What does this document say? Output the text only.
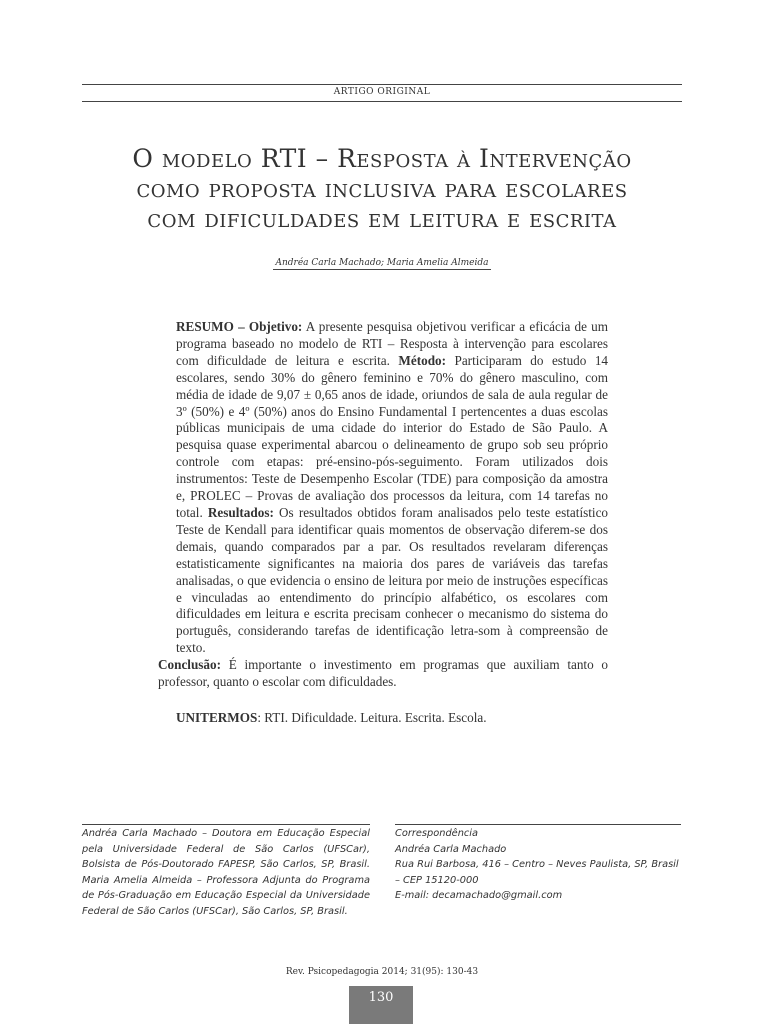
ARTIGO ORIGINAL
O modelo RTI – Resposta à Intervenção
como proposta inclusiva para escolares
com dificuldades em leitura e escrita
Andréa Carla Machado; Maria Amelia Almeida
RESUMO – Objetivo: A presente pesquisa objetivou verificar a eficácia de um programa baseado no modelo de RTI – Resposta à intervenção para escolares com dificuldade de leitura e escrita. Método: Participaram do estudo 14 escolares, sendo 30% do gênero feminino e 70% do gênero masculino, com média de idade de 9,07 ± 0,65 anos de idade, oriundos de sala de aula regular de 3º (50%) e 4º (50%) anos do Ensino Fundamental I pertencentes a duas escolas públicas municipais de uma cidade do interior do Estado de São Paulo. A pesquisa quase experimental abarcou o delineamento de grupo sob seu próprio controle com etapas: pré-ensino-pós-seguimento. Foram utilizados dois instrumentos: Teste de Desempenho Escolar (TDE) para composição da amostra e, PROLEC – Provas de avaliação dos processos da leitura, com 14 tarefas no total. Resultados: Os resultados obtidos foram analisados pelo teste estatístico Teste de Kendall para identificar quais momentos de observação diferem-se dos demais, quando comparados par a par. Os resultados revelaram diferenças estatisticamente significantes na maioria dos pares de variáveis das tarefas analisadas, o que evidencia o ensino de leitura por meio de instruções específicas e vinculadas ao entendimento do princípio alfabético, os escolares com dificuldades em leitura e escrita precisam conhecer o mecanismo do sistema do português, considerando tarefas de identificação letra-som à compreensão de texto.
Conclusão: É importante o investimento em programas que auxiliam tanto o professor, quanto o escolar com dificuldades.
UNITERMOS: RTI. Dificuldade. Leitura. Escrita. Escola.
Andréa Carla Machado – Doutora em Educação Especial pela Universidade Federal de São Carlos (UFSCar), Bolsista de Pós-Doutorado FAPESP, São Carlos, SP, Brasil. Maria Amelia Almeida – Professora Adjunta do Programa de Pós-Graduação em Educação Especial da Universidade Federal de São Carlos (UFSCar), São Carlos, SP, Brasil.
Correspondência
Andréa Carla Machado
Rua Rui Barbosa, 416 – Centro – Neves Paulista, SP, Brasil – CEP 15120-000
E-mail: decamachado@gmail.com
Rev. Psicopedagogia 2014; 31(95): 130-43
130
